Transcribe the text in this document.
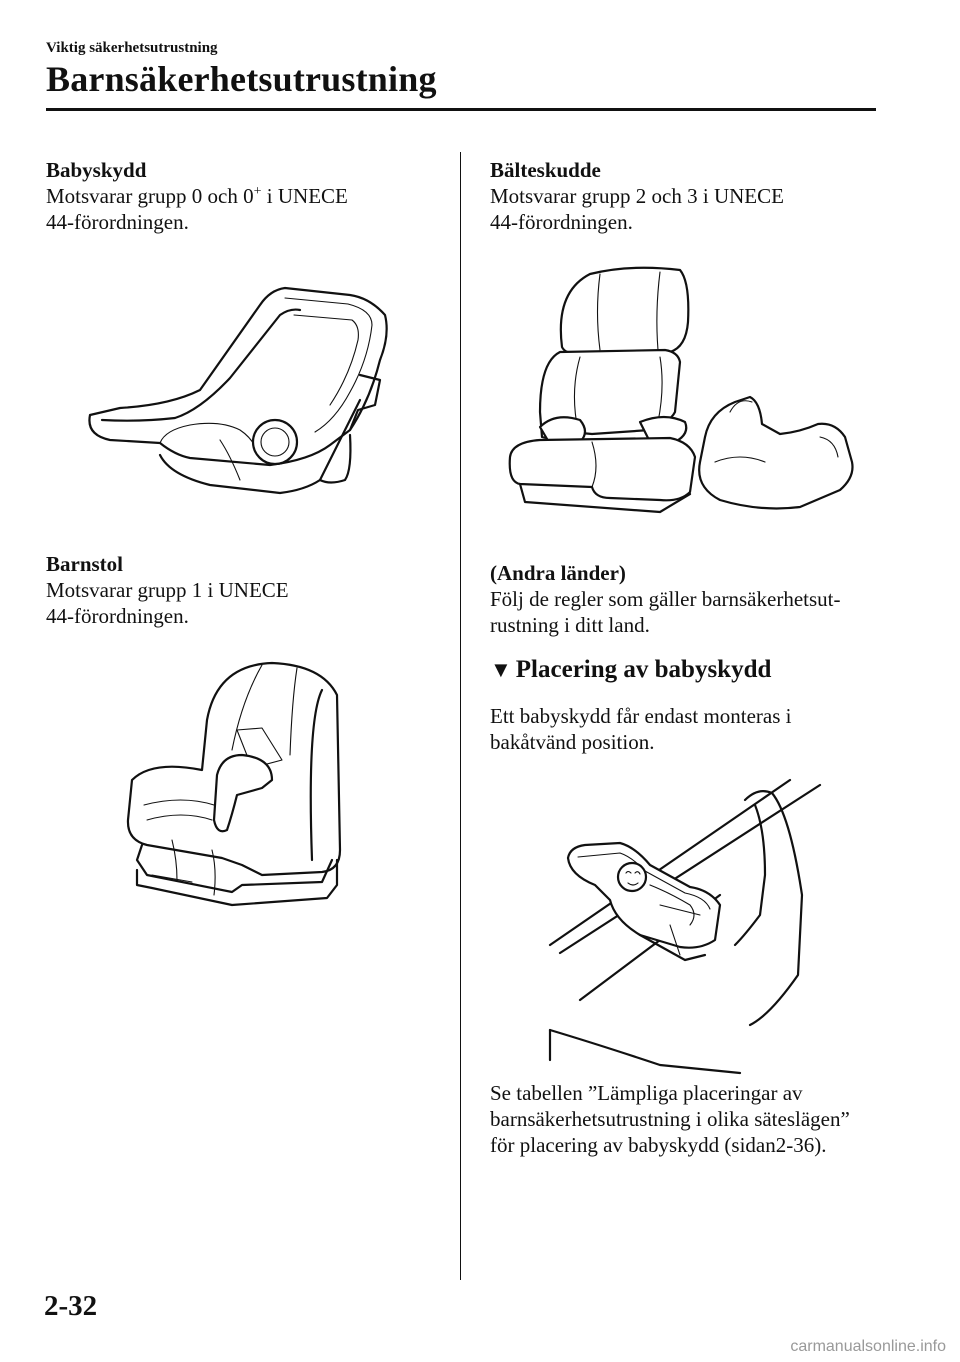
Viktig säkerhetsutrustning
Barnsäkerhetsutrustning
Babyskydd
Motsvarar grupp 0 och 0+ i UNECE
44-förordningen.
Barnstol
Motsvarar grupp 1 i UNECE
44-förordningen.
Bälteskudde
Motsvarar grupp 2 och 3 i UNECE
44-förordningen.
(Andra länder)
Följ de regler som gäller barnsäkerhetsut-
rustning i ditt land.
▼ Placering av babyskydd
Ett babyskydd får endast monteras i
bakåtvänd position.
Se tabellen ”Lämpliga placeringar av
barnsäkerhetsutrustning i olika säteslägen”
för placering av babyskydd (sidan2-36).
2-32
carmanualsonline.info
